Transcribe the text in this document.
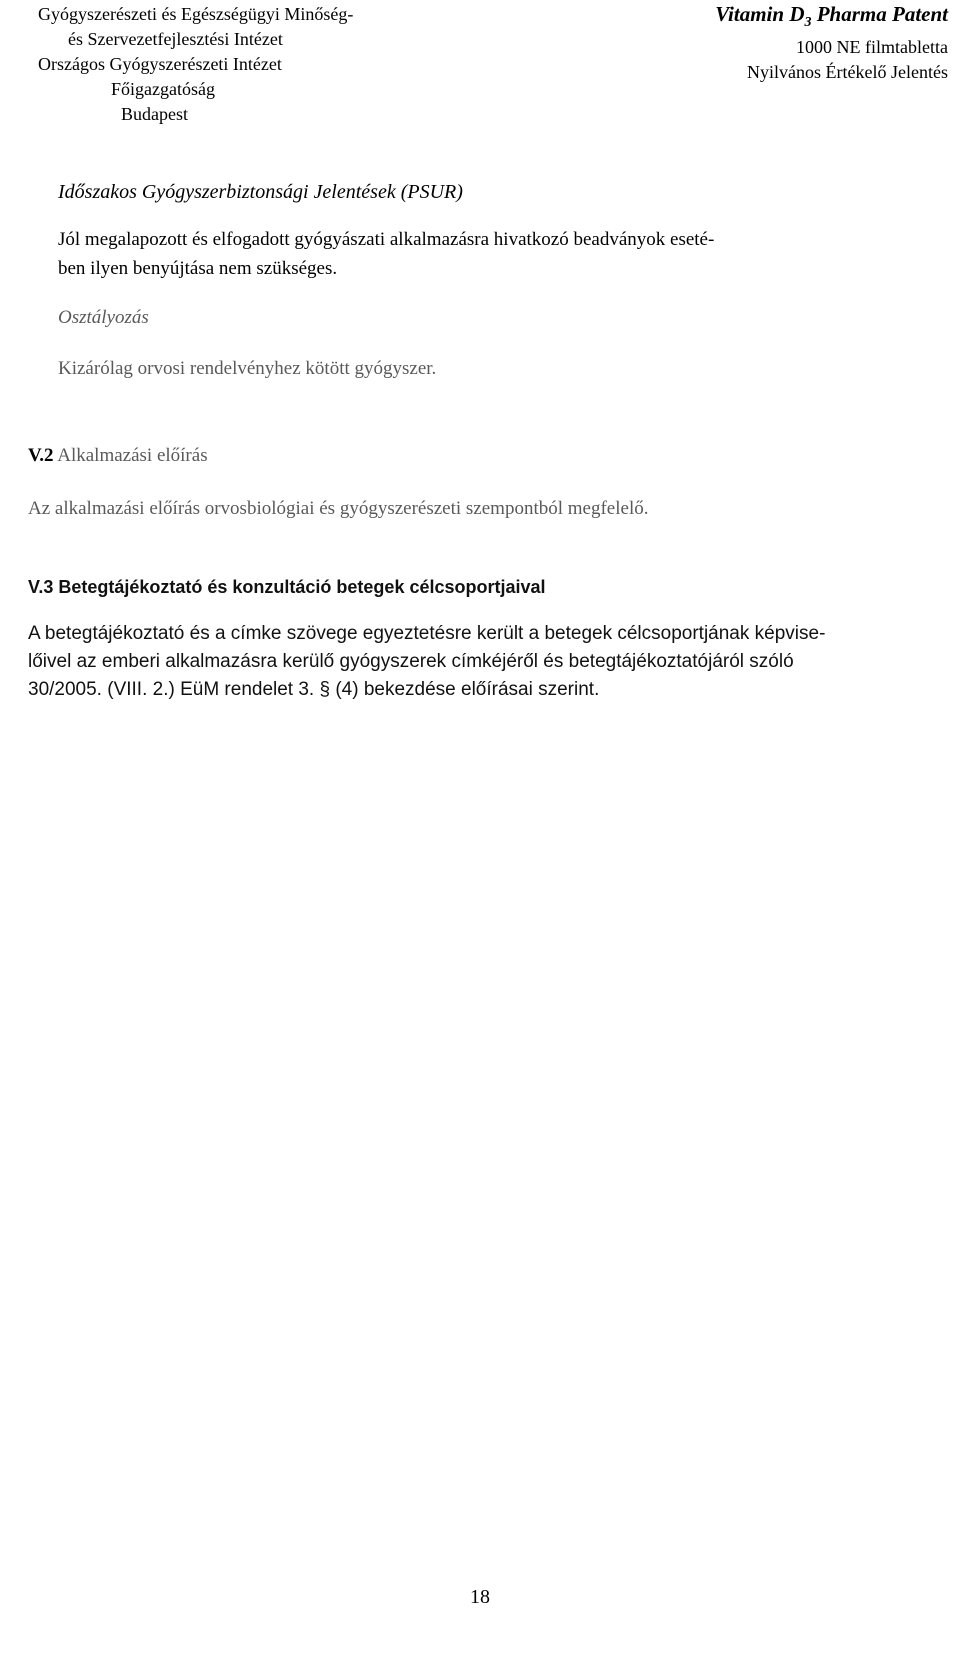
Gyógyszerészeti és Egészségügyi Minőség-
és Szervezetfejlesztési Intézet
Országos Gyógyszerészeti Intézet
Főigazgatóság
Budapest
Vitamin $D_3$ Pharma Patent
1000 NE filmtabletta
Nyilvános Értékelő Jelentés

Időszakos Gyógyszerbiztonsági Jelentések (PSUR)

Jól megalapozott és elfogadott gyógyászati alkalmazásra hivatkozó beadványok eseté-
ben ilyen benyújtása nem szükséges.

Osztályozás

Kizárólag orvosi rendelvényhez kötött gyógyszer.

V.2 Alkalmazási előírás

Az alkalmazási előírás orvosbiológiai és gyógyszerészeti szempontból megfelelő.

V.3 Betegtájékoztató és konzultáció betegek célcsoportjaival

A betegtájékoztató és a címke szövege egyeztetésre került a betegek célcsoportjának képvise-
lőivel az emberi alkalmazásra kerülő gyógyszerek címkéjéről és betegtájékoztatójáról szóló
30/2005. (VIII. 2.) EüM rendelet 3. § (4) bekezdése előírásai szerint.
18
